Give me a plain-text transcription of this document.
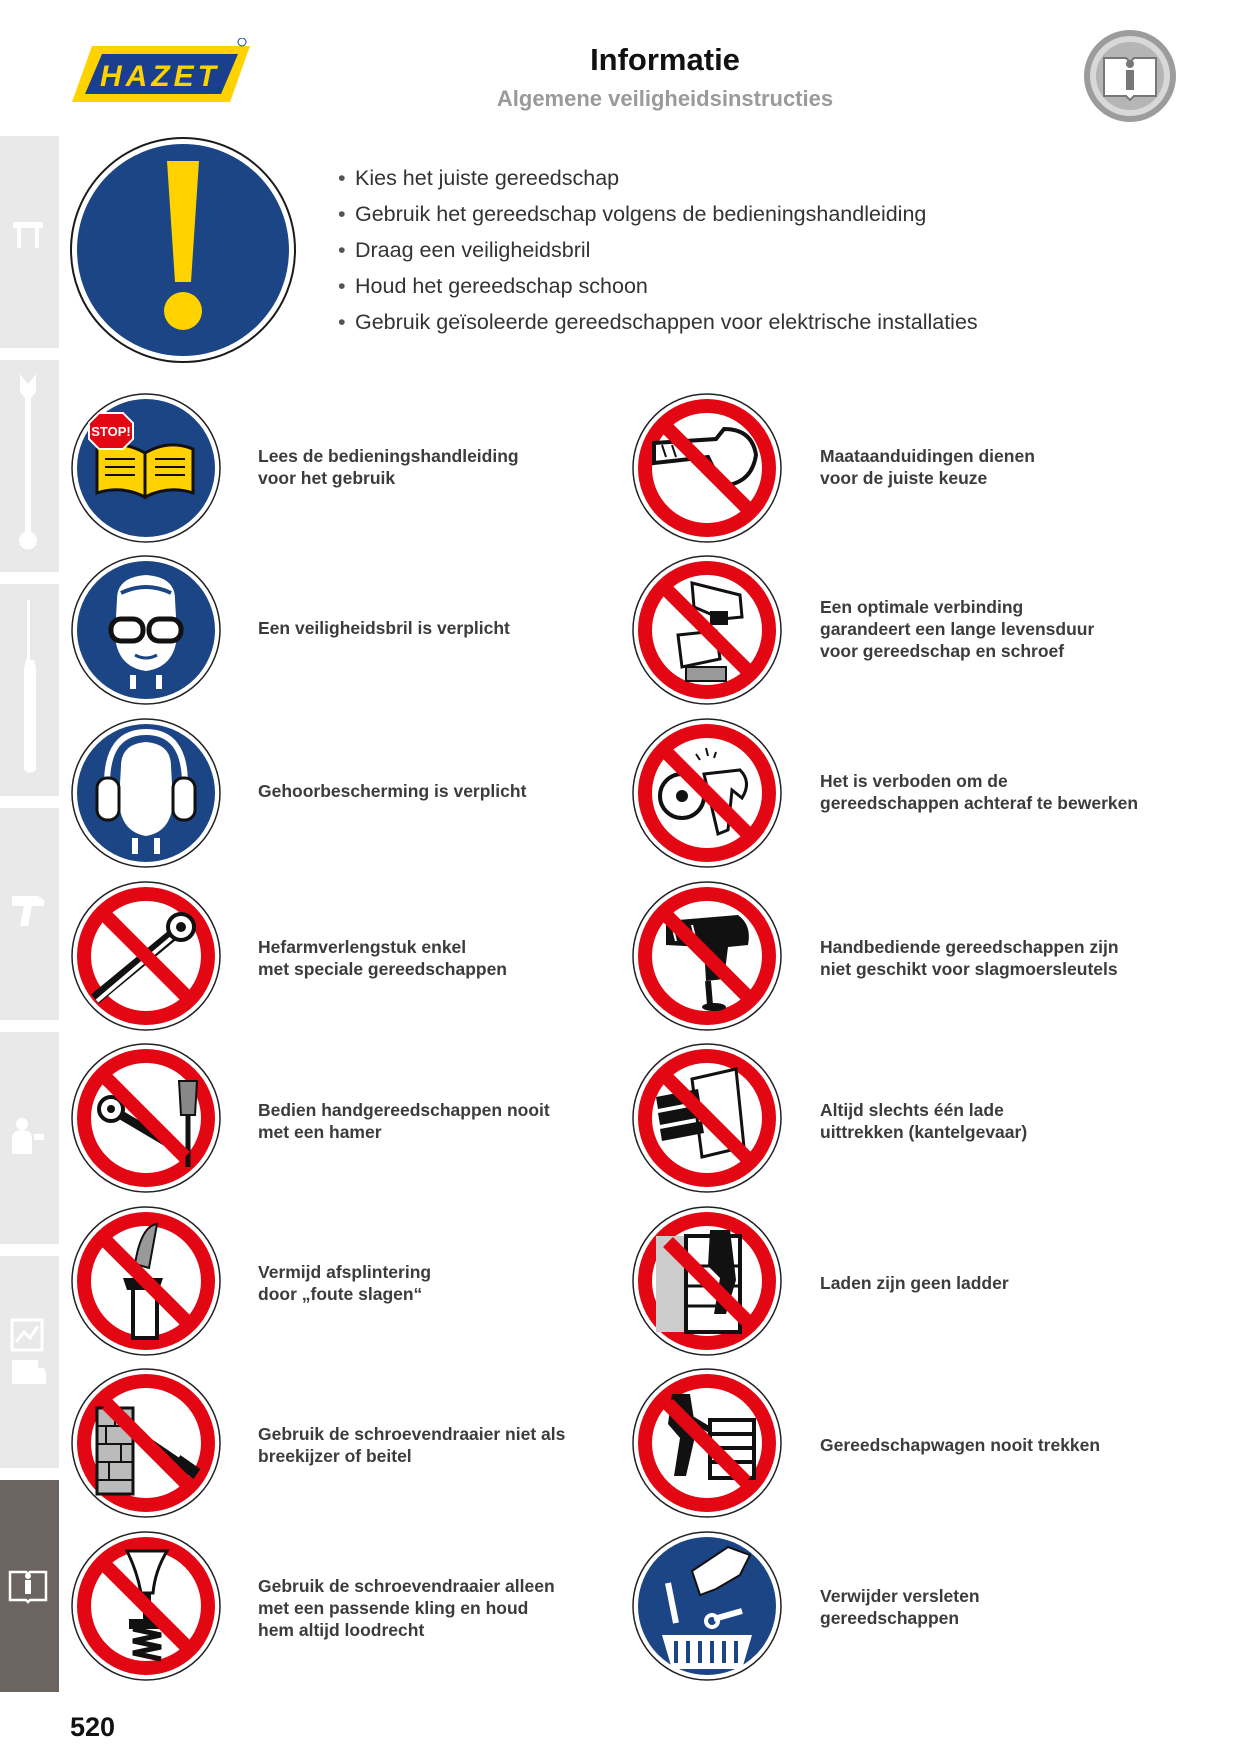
HAZET	Informatie
Algemene veiligheidsinstructies
• Kies het juiste gereedschap
• Gebruik het gereedschap volgens de bedieningshandleiding
• Draag een veiligheidsbril
• Houd het gereedschap schoon
• Gebruik geïsoleerde gereedschappen voor elektrische installaties
STOP!
Lees de bedieningshandleiding
voor het gebruik
Een veiligheidsbril is verplicht
Gehoorbescherming is verplicht
Hefarmverlengstuk enkel
met speciale gereedschappen
Bedien handgereedschappen nooit
met een hamer
Vermijd afsplintering
door „foute slagen“
Gebruik de schroevendraaier niet als
breekijzer of beitel
Gebruik de schroevendraaier alleen
met een passende kling en houd
hem altijd loodrecht
Maataanduidingen dienen
voor de juiste keuze
Een optimale verbinding
garandeert een lange levensduur
voor gereedschap en schroef
Het is verboden om de
gereedschappen achteraf te bewerken
Handbediende gereedschappen zijn
niet geschikt voor slagmoersleutels
Altijd slechts één lade
uittrekken (kantelgevaar)
Laden zijn geen ladder
Gereedschapwagen nooit trekken
Verwijder versleten
gereedschappen
520
